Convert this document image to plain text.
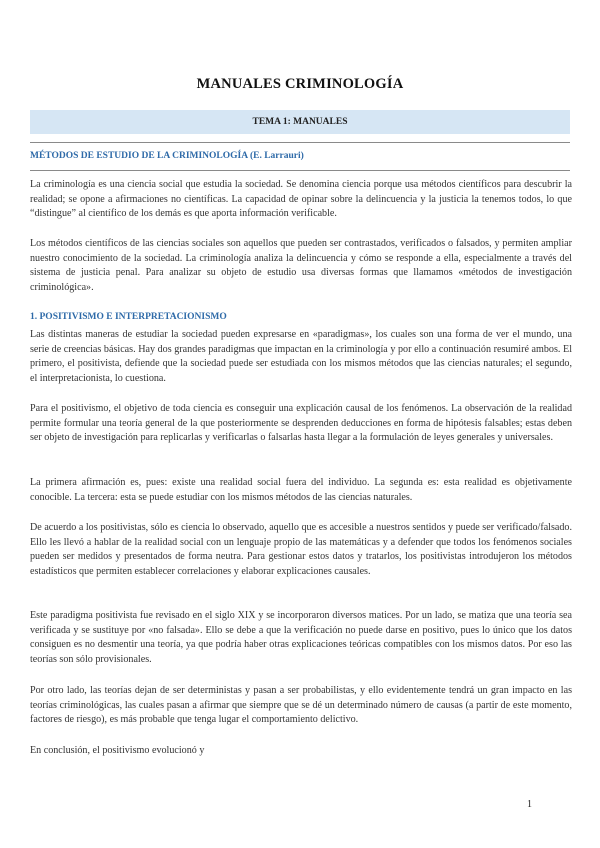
MANUALES CRIMINOLOGÍA
TEMA 1: MANUALES
MÉTODOS DE ESTUDIO DE LA CRIMINOLOGÍA (E. Larrauri)

La criminología es una ciencia social que estudia la sociedad. Se denomina ciencia porque usa métodos científicos para descubrir la realidad; se opone a afirmaciones no científicas. La capacidad de opinar sobre la delincuencia y la justicia la tenemos todos, lo que “distingue” al científico de los demás es que aporta información verificable.

Los métodos científicos de las ciencias sociales son aquellos que pueden ser contrastados, verificados o falsados, y permiten ampliar nuestro conocimiento de la sociedad. La criminología analiza la delincuencia y cómo se responde a ella, especialmente a través del sistema de justicia penal. Para analizar su objeto de estudio usa diversas formas que llamamos «métodos de investigación criminológica».

1. POSITIVISMO E INTERPRETACIONISMO

Las distintas maneras de estudiar la sociedad pueden expresarse en «paradigmas», los cuales son una forma de ver el mundo, una serie de creencias básicas. Hay dos grandes paradigmas que impactan en la criminología y por ello a continuación resumiré ambos. El primero, el positivista, defiende que la sociedad puede ser estudiada con los mismos métodos que las ciencias naturales; el segundo, el interpretacionista, lo cuestiona.

Para el positivismo, el objetivo de toda ciencia es conseguir una explicación causal de los fenómenos. La observación de la realidad permite formular una teoría general de la que posteriormente se desprenden deducciones en forma de hipótesis falsables; estas deben ser objeto de investigación para replicarlas y verificarlas o falsarlas hasta llegar a la formulación de leyes generales y universales.

La primera afirmación es, pues: existe una realidad social fuera del individuo. La segunda es: esta realidad es objetivamente conocible. La tercera: esta se puede estudiar con los mismos métodos de las ciencias naturales.

De acuerdo a los positivistas, sólo es ciencia lo observado, aquello que es accesible a nuestros sentidos y puede ser verificado/falsado. Ello les llevó a hablar de la realidad social con un lenguaje propio de las matemáticas y a defender que todos los fenómenos sociales pueden ser medidos y presentados de forma neutra. Para gestionar estos datos y tratarlos, los positivistas introdujeron los métodos estadísticos que permiten establecer correlaciones y elaborar explicaciones causales.

Este paradigma positivista fue revisado en el siglo XIX y se incorporaron diversos matices. Por un lado, se matiza que una teoría sea verificada y se sustituye por «no falsada». Ello se debe a que la verificación no puede darse en positivo, pues lo único que los datos consiguen es no desmentir una teoría, ya que podría haber otras explicaciones teóricas compatibles con los mismos datos. Por eso las teorías son sólo provisionales.

Por otro lado, las teorías dejan de ser deterministas y pasan a ser probabilistas, y ello evidentemente tendrá un gran impacto en las teorías criminológicas, las cuales pasan a afirmar que siempre que se dé un determinado número de causas (a partir de este momento, factores de riesgo), es más probable que tenga lugar el comportamiento delictivo.

En conclusión, el positivismo evolucionó y

1
